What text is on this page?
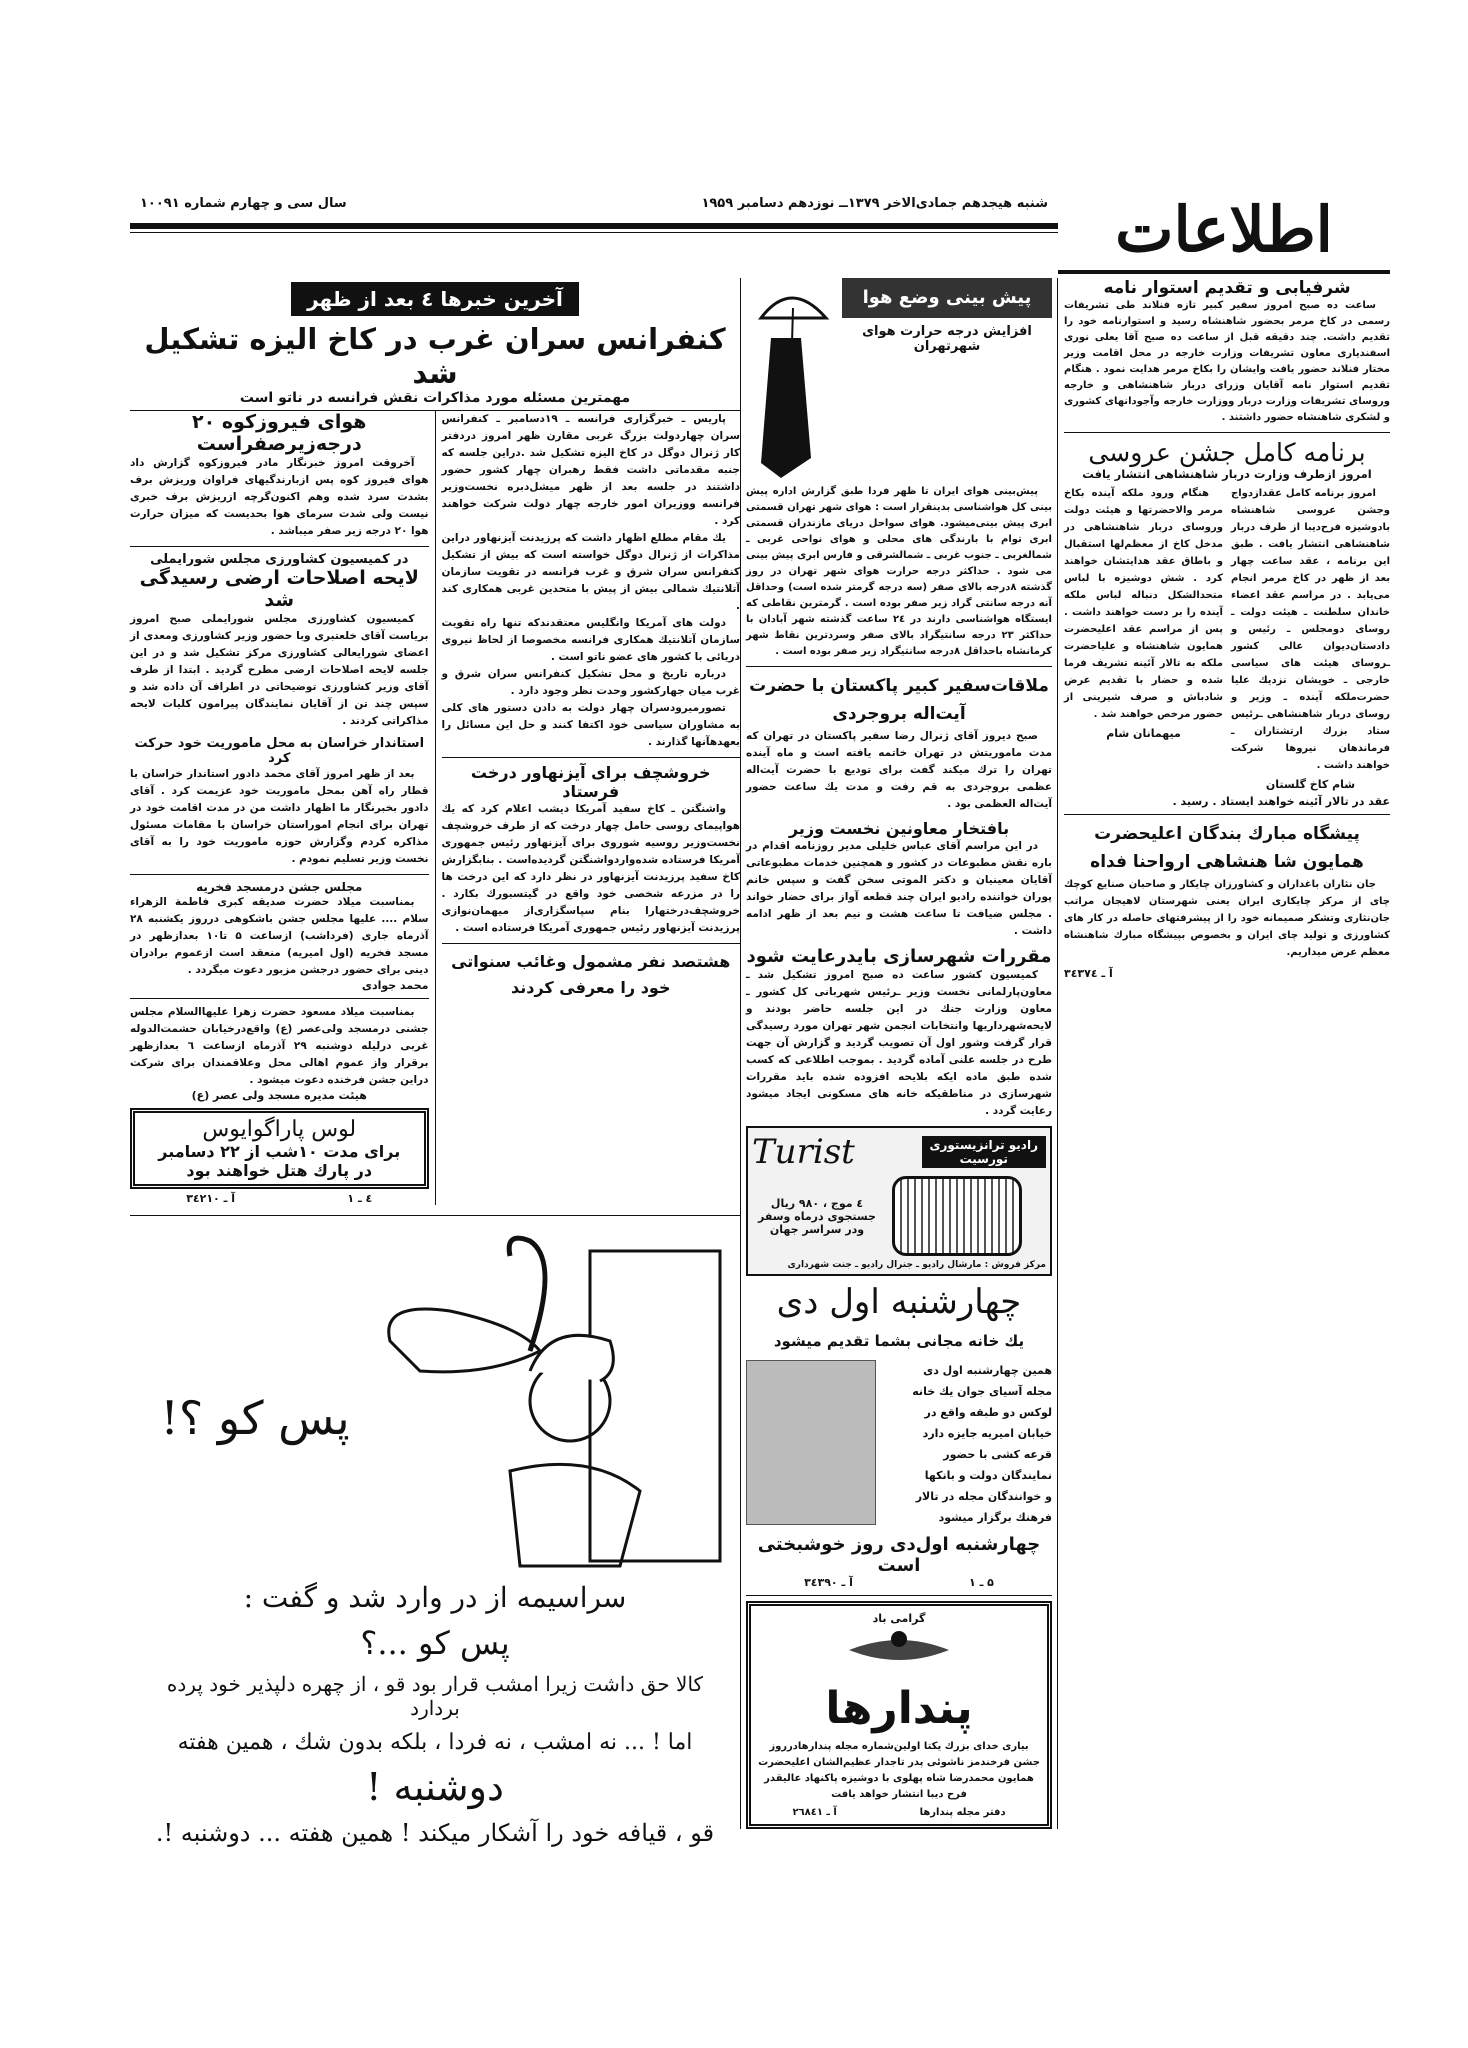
سال سی و چهارم شماره ۱۰۰۹۱	شنبه هیجدهم جمادی‌الاخر ۱۳۷۹ــ نوزدهم دسامبر ۱۹۵۹	اطلاعات
آخرین خبرها ٤ بعد از ظهر
کنفرانس سران غرب در کاخ الیزه تشکیل شد
مهمترین مسئله مورد مذاکرات نقش فرانسه در ناتو است
هوای فیروزکوه ۲۰ درجه‌زیرصفراست

آخروقت امروز خبرنگار مادر فیروزکوه گزارش داد هوای فیروز کوه پس ازبارندگیهای فراوان وریزش برف بشدت سرد شده وهم اکنون‌گرچه ازریزش برف خبری نیست ولی شدت سرمای هوا بحدیست که میزان حرارت هوا ۲۰ درجه زیر صفر میباشد .

در کمیسیون کشاورزی مجلس شورایملی
لایحه اصلاحات ارضی رسیدگی شد

کمیسیون کشاورزی مجلس شورایملی صبح امروز بریاست آقای خلعتبری وبا حضور وزیر کشاورزی ومعدی از اعضای شورایعالی کشاورزی مرکز تشکیل شد و در این جلسه لایحه اصلاحات ارضی مطرح گردید . ابتدا از طرف آقای وزیر کشاورزی توضیحاتی در اطراف آن داده شد و سپس چند تن از آقایان نمایندگان پیرامون کلیات لایحه مذاکراتی کردند .

استاندار خراسان به محل ماموریت خود حرکت کرد

بعد از ظهر امروز آقای محمد دادور استاندار خراسان با قطار راه آهن بمحل ماموریت خود عزیمت کرد . آقای دادور بخبرنگار ما اظهار داشت من در مدت اقامت خود در تهران برای انجام اموراستان خراسان با مقامات مسئول مذاکره کردم وگزارش حوزه ماموریت خود را به آقای نخست وزیر تسلیم نمودم .

مجلس جشن درمسجد فخریه

بمناسبت میلاد حضرت صدیقه کبری فاطمة الزهراء سلام .... علیها مجلس جشن باشکوهی درروز یکشنبه ۲۸ آذرماه جاری (فرداشب) ازساعت ۵ تا۱۰ بعدازظهر در مسجد فخریه (اول امیریه) منعقد است ازعموم برادران دینی برای حضور درجشن مزبور دعوت میگردد .

محمد جوادی

بمناسبت میلاد مسعود حضرت زهرا علیهاالسلام مجلس جشنی درمسجد ولی‌عصر (ع) واقع‌درخیابان حشمت‌الدوله غربی درلیله دوشنبه ۲۹ آذرماه ازساعت ٦ بعدازظهر برقرار واز عموم اهالی محل وعلاقمندان برای شرکت دراین جشن فرخنده دعوت میشود .

هیئت مدیره مسجد ولی عصر (ع)
لوس پاراگوایوس
برای مدت ۱۰شب از ۲۲ دسامبر
در پارك هتل خواهند بود
آ ـ ۳٤۲۱۰	٤ ـ ۱

پاریس ـ خبرگزاری فرانسه ـ ۱۹دسامبر ـ کنفرانس سران چهاردولت بزرگ غربی مقارن ظهر امروز دردفتر کار ژنرال دوگل در کاخ الیزه تشکیل شد .دراین جلسه که جنبه مقدماتی داشت فقط رهبران چهار کشور حضور داشتند در جلسه بعد از ظهر میشل‌دبره نخست‌وزیر فرانسه ووزیران امور خارجه چهار دولت شرکت خواهند کرد .

یك مقام مطلع اظهار داشت که پرزیدنت آیزنهاور دراین مذاکرات از ژنرال دوگل خواسته است که بیش از تشکیل کنفرانس سران شرق و غرب فرانسه در تقویت سازمان آتلانتیك شمالی بیش از پیش با متحدین غربی همکاری کند .

دولت های آمریکا وانگلیس معتقدندکه تنها راه تقویت سازمان آتلانتیك همکاری فرانسه مخصوصا از لحاظ نیروی دریائی با کشور های عضو ناتو است .

درباره تاریخ و محل تشکیل کنفرانس سران شرق و غرب میان جهارکشور وحدت نظر وجود دارد .

تصورمیرودسران چهار دولت به دادن دستور های کلی به مشاوران سیاسی خود اکتفا کنند و حل این مسائل را بعهدهآنها گذارند .

خروشچف برای آیزنهاور درخت فرستاد

واشنگتن ـ کاخ سفید آمریکا دیشب اعلام کرد که یك هواپیمای روسی حامل چهار درخت که از طرف خروشچف نخست‌وزیر روسیه شوروی برای آیزنهاور رئیس جمهوری آمریکا فرستاده شده‌واردواشنگتن گردیده‌است . بنابگزارش کاخ سفید پرزیدنت آیزنهاور در نظر دارد که این درخت ها را در مزرعه شخصی خود واقع در گیتسبورك بکارد . خروشچف‌درختهارا بنام سپاسگزاری‌از میهمان‌نوازی پرزیدنت آیزنهاور رئیس جمهوری آمریکا فرستاده است .

هشتصد نفر مشمول وغائب سنواتی خود را معرفی کردند
پس کو ؟!
سراسیمه از در وارد شد و گفت :
پس کو ...؟
کالا حق داشت زیرا امشب قرار بود قو ، از چهره دلپذیر خود پرده بردارد
اما ! ... نه امشب ، نه فردا ، بلکه بدون شك ، همین هفته
دوشنبه !
قو ، قیافه خود را آشکار میکند ! همین هفته ... دوشنبه !.
پیش بینی وضع هوا
افزایش درجه حرارت هوای شهرتهران

پیش‌بینی هوای ایران تا ظهر فردا طبق گزارش اداره پیش بینی کل هواشناسی بدینقرار است : هوای شهر تهران قسمتی ابری پیش بینی‌میشود. هوای سواحل دریای مازندران قسمتی ابری توام با بارندگی های محلی و هوای نواحی غربی ـ شمالغربی ـ جنوب غربی ـ شمالشرقی و فارس ابری پیش بینی می شود . حداکثر درجه حرارت هوای شهر تهران در روز گذشته ۸درجه بالای صفر (سه درجه گرمتر شده است) وحداقل آنه درجه سانتی گراد زیر صفر بوده است . گرمترین نقاطی که ایستگاه هواشناسی دارند در ۲٤ ساعت گذشته شهر آبادان با حداکثر ۲۳ درجه سانتیگراد بالای صفر وسردترین نقاط شهر کرمانشاه باحداقل ۸درجه سانتیگراد زیر صفر بوده است .

ملاقات‌سفیر کبیر پاکستان با حضرت آیت‌اله بروجردی

صبح دیروز آقای ژنرال رضا سفیر پاکستان در تهران که مدت ماموریتش در تهران خاتمه یافته است و ماه آینده تهران را ترك میکند گفت برای تودیع با حضرت آیت‌اله عظمی بروجردی به قم رفت و مدت یك ساعت حضور آیت‌اله العظمی بود .

بافتخار معاونین نخست وزیر

در این مراسم آقای عباس خلیلی مدیر روزنامه اقدام در باره نقش مطبوعات در کشور و همچنین خدمات مطبوعاتی آقایان معینیان و دکتر الموتی سخن گفت و سپس خانم پوران خواننده رادیو ایران چند قطعه آواز برای حضار خواند . مجلس ضیافت تا ساعت هشت و نیم بعد از ظهر ادامه داشت .

مقررات شهرسازی بایدرعایت شود

کمیسیون کشور ساعت ده صبح امروز تشکیل شد ـ معاون‌پارلمانی نخست وزیر ـرئیس شهربانی کل کشور ـ معاون وزارت جنك در این جلسه حاضر بودند و لایحه‌شهرداریها وانتخابات انجمن شهر تهران مورد رسیدگی قرار گرفت وشور اول آن تصویب گردید و گزارش آن جهت طرح در جلسه علنی آماده گردید . بموجب اطلاعی که کسب شده طبق ماده ایکه بلایحه افزوده شده باید مقررات شهرسازی در مناطقیکه خانه های مسکونی ایجاد میشود رعایت گردد .

Turist	رادیو ترانزیستوری
تورسیت
٤ موج ، ۹۸۰ ریال
جستجوی درماه وسفر
ودر سراسر جهان
مرکز فروش : مارشال رادیو ـ جنرال رادیو ـ جنت شهرداری
چهارشنبه اول دی
یك خانه مجانی بشما تقدیم میشود
همین چهارشنبه اول دی
مجله آسیای جوان یك خانه
لوکس دو طبقه واقع در
خیابان امیریه جایزه دارد
قرعه کشی با حضور
نمایندگان دولت و بانکها
و خوانندگان مجله در تالار
فرهنك برگزار میشود
چهارشنبه اول‌دی روز خوشبختی است
آ ـ ۳٤۳۹۰	۵ ـ ۱
گرامی باد
پندارها
بیاری خدای بزرك یکتا اولین‌شماره مجله پندارها‌درروز جشن فرخندمز ناشوئی پدر تاجدار عظیم‌الشان اعلیحضرت همایون محمدرضا شاه پهلوی با دوشیزه پاکنهاد عالیقدر فرح دیبا انتشار خواهد یافت
دفتر مجله پندارها
آ ـ ۲٦۸٤۱
شرفیابی و تقدیم استوار نامه

ساعت ده صبح امروز سفیر کبیر تازه فنلاند طی تشریفات رسمی در کاخ مرمر بحضور شاهنشاه رسید و استوارنامه خود را تقدیم داشت. چند دقیقه قبل از ساعت ده صبح آقا یعلی نوری اسفندیاری معاون تشریفات وزارت خارجه در محل اقامت وزیر مختار فنلاند حضور یافت وایشان را بکاخ مرمر هدایت نمود . هنگام تقدیم استوار نامه آقایان وزرای دربار شاهنشاهی و خارجه وروسای تشریفات وزارت دربار ووزارت خارجه وآجودانهای کشوری و لشکری شاهنشاه حضور داشتند .

برنامه کامل جشن عروسی
امروز ازطرف وزارت دربار شاهنشاهی انتشار یافت

هنگام ورود ملکه آینده بکاخ مرمر والاحضرتها و هیئت دولت وروسای دربار شاهنشاهی در مدخل کاخ از معظم‌لها استقبال و باطاق عقد هدایتشان خواهند کرد . شش دوشیزه با لباس متحدالشکل دنباله لباس ملکه آینده را بر دست خواهند داشت . پس از مراسم عقد اعلیحضرت همایون شاهنشاه و علیاحضرت ملکه به تالار آئینه تشریف فرما شده و حضار با تقدیم عرض شادباش و صرف شیرینی از حضور مرخص خواهند شد .

میهمانان شام

امروز برنامه کامل عقدازدواج وجشن عروسی شاهنشاه بادوشیزه فرح‌دیبا از طرف دربار شاهنشاهی انتشار یافت . طبق این برنامه ، عقد ساعت چهار بعد از ظهر در کاخ مرمر انجام می‌یابد . در مراسم عقد اعضاء خاندان سلطنت ـ هیئت دولت ـ روسای دومجلس ـ رئیس و دادستان‌دیوان عالی کشور ـروسای هیئت های سیاسی خارجی ـ خویشان نزدیك علیا حضرت‌ملکه آینده ـ وزیر و روسای دربار شاهنشاهی ـرئیس ستاد بزرك ارتشتاران ـ فرماندهان نیروها شرکت خواهند داشت .

شام کاخ گلستان
عقد در تالار آئینه خواهند ایستاد . رسید .
پیشگاه مبارك بندگان اعلیحضرت همایون شا هنشاهی ارواحنا فداه

جان نثاران باغداران و کشاورزان چایکار و صاحبان صنایع کوچك چای از مرکز چایکاری ایران یعنی شهرستان لاهیجان مراتب جان‌نثاری وتشکر صمیمانه خود را از پیشرفتهای حاصله در کار های کشاورزی و تولید چای ایران و بخصوص بپیشگاه مبارك شاهنشاه معظم عرض میداریم.

آ ـ ۳٤۳۷٤
